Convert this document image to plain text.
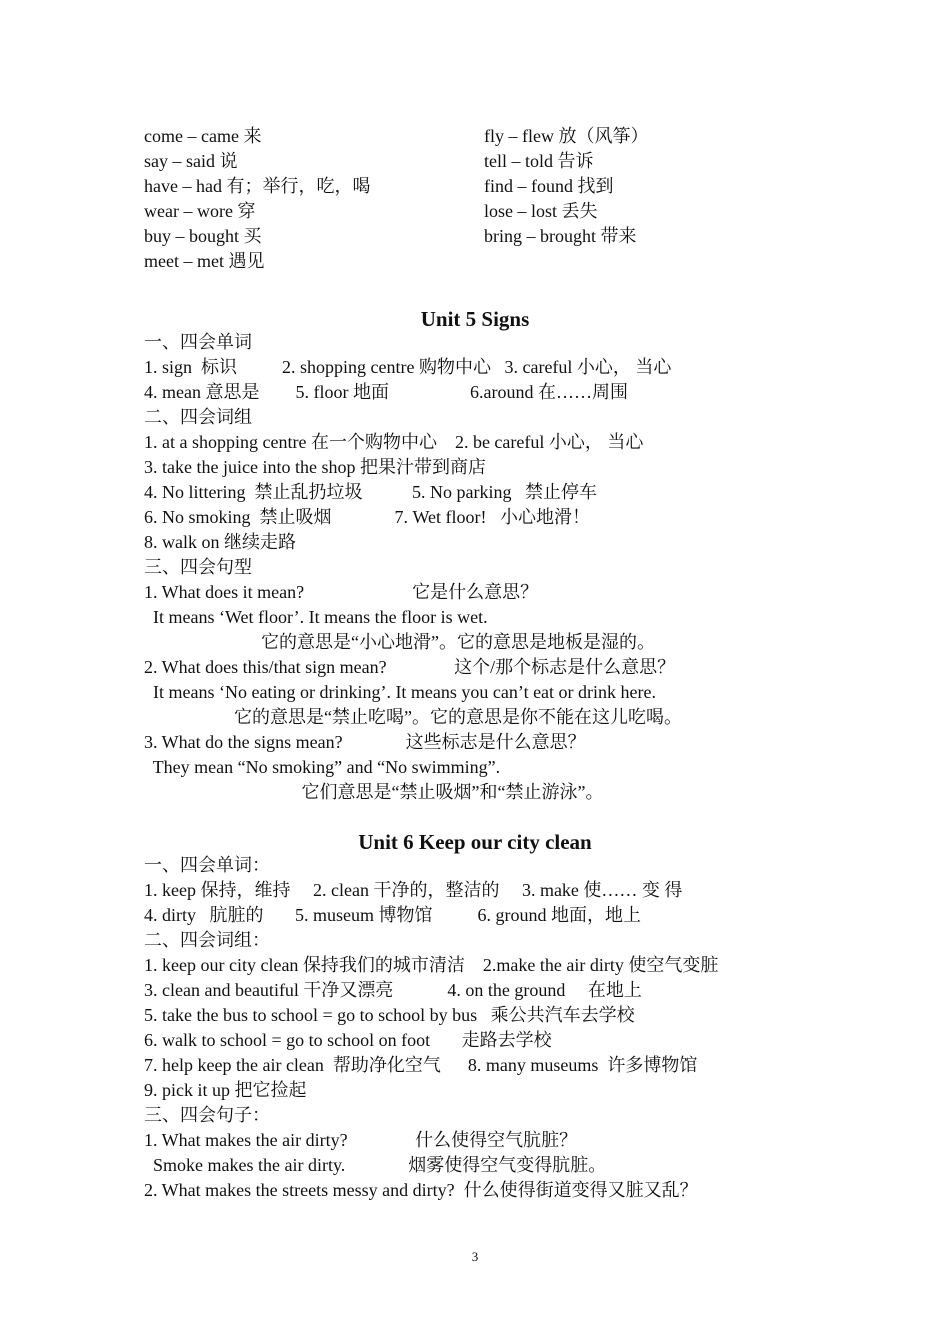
come – came 来	fly – flew 放（风筝）
say – said 说	tell – told 告诉
have – had 有；举行，吃，喝	find – found 找到
wear – wore 穿	lose – lost 丢失
buy – bought 买	bring – brought 带来
meet – met 遇见
Unit 5 Signs
一、四会单词
1. sign  标识          2. shopping centre 购物中心   3. careful 小心， 当心
4. mean 意思是        5. floor 地面                  6.around 在……周围
二、四会词组
1. at a shopping centre 在一个购物中心    2. be careful 小心， 当心
3. take the juice into the shop 把果汁带到商店
4. No littering  禁止乱扔垃圾           5. No parking   禁止停车
6. No smoking  禁止吸烟              7. Wet floor!   小心地滑！
8. walk on 继续走路
三、四会句型
1. What does it mean?                        它是什么意思？
It means ‘Wet floor’. It means the floor is wet.
它的意思是“小心地滑”。它的意思是地板是湿的。
2. What does this/that sign mean?               这个/那个标志是什么意思？
It means ‘No eating or drinking’. It means you can’t eat or drink here.
它的意思是“禁止吃喝”。它的意思是你不能在这儿吃喝。
3. What do the signs mean?              这些标志是什么意思？
They mean “No smoking” and “No swimming”.
它们意思是“禁止吸烟”和“禁止游泳”。
Unit 6 Keep our city clean
一、四会单词：
1. keep 保持，维持     2. clean 干净的，整洁的     3. make 使…… 变 得
4. dirty   肮脏的       5. museum 博物馆          6. ground 地面，地上
二、四会词组：
1. keep our city clean 保持我们的城市清洁    2.make the air dirty 使空气变脏
3. clean and beautiful 干净又漂亮            4. on the ground     在地上
5. take the bus to school = go to school by bus   乘公共汽车去学校
6. walk to school = go to school on foot       走路去学校
7. help keep the air clean  帮助净化空气      8. many museums  许多博物馆
9. pick it up 把它捡起
三、四会句子：
1. What makes the air dirty?               什么使得空气肮脏？
Smoke makes the air dirty.              烟雾使得空气变得肮脏。
2. What makes the streets messy and dirty?  什么使得街道变得又脏又乱？
3
